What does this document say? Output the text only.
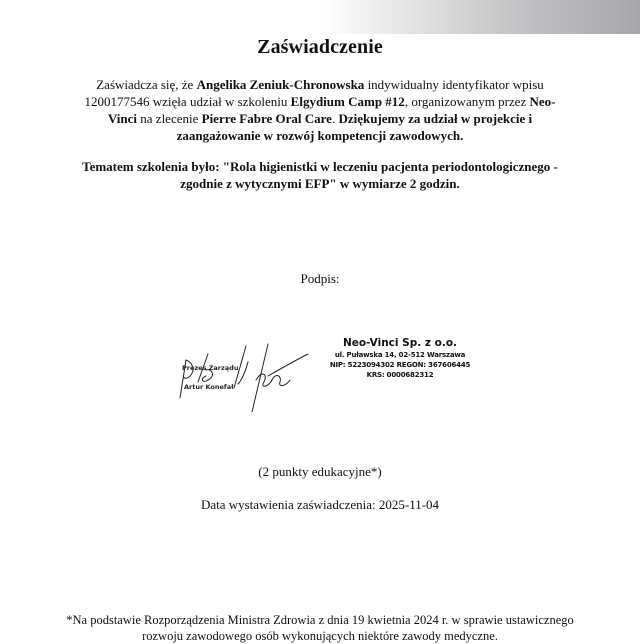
Zaświadczenie
Zaświadcza się, że Angelika Zeniuk-Chronowska indywidualny identyfikator wpisu 1200177546 wzięła udział w szkoleniu Elgydium Camp #12, organizowanym przez Neo-Vinci na zlecenie Pierre Fabre Oral Care. Dziękujemy za udział w projekcie i zaangażowanie w rozwój kompetencji zawodowych.
Tematem szkolenia było: "Rola higienistki w leczeniu pacjenta periodontologicznego - zgodnie z wytycznymi EFP" w wymiarze 2 godzin.
Podpis:
Prezes Zarządu
Artur Konefał
Neo-Vinci Sp. z o.o.
ul. Puławska 14, 02-512 Warszawa
NIP: 5223094302 REGON: 367606445
KRS: 0000682312
(2 punkty edukacyjne*)
Data wystawienia zaświadczenia: 2025-11-04
*Na podstawie Rozporządzenia Ministra Zdrowia z dnia 19 kwietnia 2024 r. w sprawie ustawicznego rozwoju zawodowego osób wykonujących niektóre zawody medyczne.
